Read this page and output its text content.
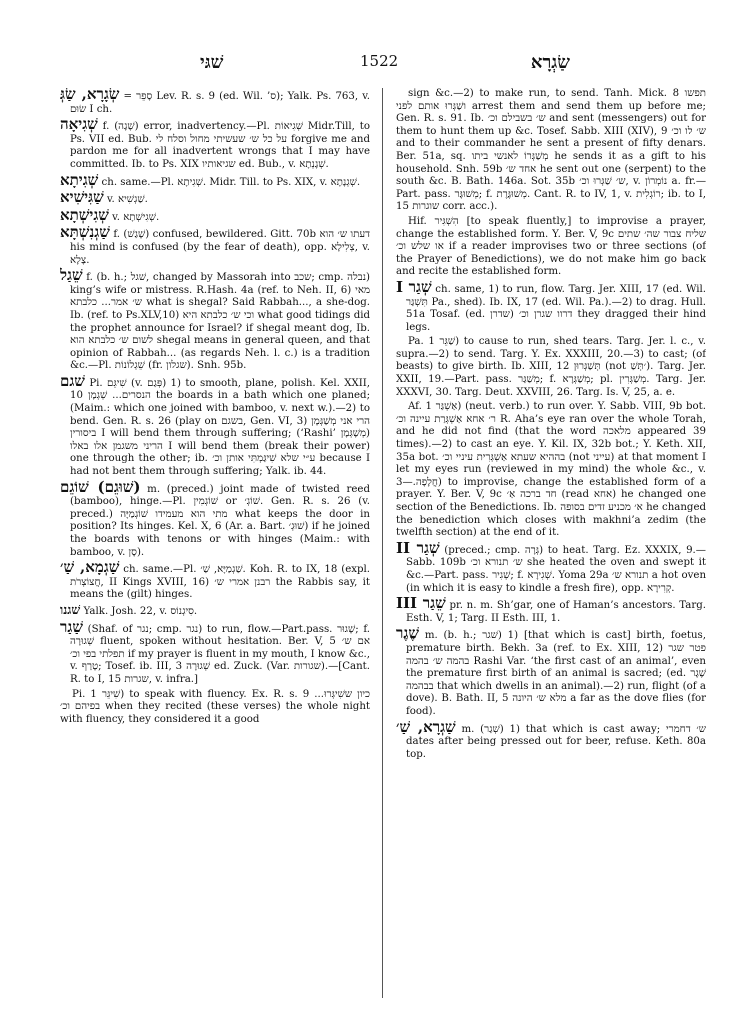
שׁגּי	1522	שַׂגְרָא

שְׂגָרָא, שַׂגְּ = סָפֵר Lev. R. s. 9 (ed. Wil. ’ס); Yalk. Ps. 763, v. שׂוּם I ch.

שְׁגִיאָה f. (שָׁגָה) error, inadvertency.—Pl. שְׁגִיאוֹת Midr.Till, to Ps. VII ed. Bub. על כל ש׳ שעשיתי מחול וסלח לי forgive me and pardon me for all inadvertent wrongs that I may have committed. Ib. to Ps. XIX שגיאותיו ed. Bub., v. שְׁגָנְתָא.

שְׁגִיתָא ch. same.—Pl. שְׁגִיתָא. Midr. Till. to Ps. XIX, v. שְׁגְנָתָא.

שַׁגִּישִׁיא v. שַׁגְשִׁיא.

שְׁגִישְׁתָא v. שְׁגִישְׁתָא.

שַׁגְנִשְׁתָּא f. (שָׁגַשׁ) confused, bewildered. Gitt. 70b דעתו ש׳ הוא his mind is confused (by the fear of death), opp. צְלִילָא, v. צָלָא.

שֵׁגַל f. (b. h.; שׁגל, changed by Massorah into שכב; cmp. נבלה) king’s wife or mistress. R.Hash. 4a (ref. to Neh. II, 6) מאי ש׳ אמר... כלבתא what is shegal? Said Rabbah..., a she-dog. Ib. (ref. to Ps.XLV,10) וכי ש׳ כלבתא היא what good tidings did the prophet announce for Israel? if shegal meant dog, Ib. לשום ש׳ כלבתא הוא shegal means in general queen, and that opinion of Rabbah... (as regards Neh. l. c.) is a tradition &c.—Pl. שֵׁגְלוֹנוֹת (fr. שגלון). Snh. 95b.

שׁגם Pi. שִׁיגֵּם (v. פְּגַם) 1) to smooth, plane, polish. Kel. XXII, 10 הנסרים... שְׁגְמָן the boards in a bath which one planed; (Maim.: which one joined with bamboo, v. next w.).—2) to bend. Gen. R. s. 26 (play on בשגם, Gen. VI, 3) הרי אני מְשַׁגְּמָן ביסורין I will bend them through suffering; (‘Rashi’ מְשָׁגְּמָן) הריני משגמן אלו באלו I will bend them (break their power) one through the other; ib. ע״י שלא שִׁיגַּמְתִּי אותן וכ׳ because I had not bent them through suffering; Yalk. ib. 44.

(שׁוּגֵם) שׁוֹגֵם m. (preced.) joint made of twisted reed (bamboo), hinge.—Pl. שׁוֹגְמִין or שׁוֹגְ׳. Gen. R. s. 26 (v. preced.) מתי הוא מעמידו שׁוֹגְמַיָּה what keeps the door in position? Its hinges. Kel. X, 6 (Ar. a. Bart. שׁוּגְ׳) if he joined the boards with tenons or with hinges (Maim.: with bamboo, v. סָן).

שַׁגְמָא, שַׁ׳ ch. same.—Pl. שַׁגְמַיָּא, שַׁ׳. Koh. R. to IX, 18 (expl. חֲצוֹצְרֹת, II Kings XVIII, 16) רבנן אמרי ש׳ the Rabbis say, it means the (gilt) hinges.

שׁגנו Yalk. Josh. 22, v. סִיגְנוֹס.

שַׁגַר (Shaf. of נגר; cmp. נגר) to run, flow.—Part.pass. שָׁגוּר; f. שְׁגוּרָה fluent, spoken without hesitation. Ber. V, 5 אם ש׳ תפלתי בפי וכ׳ if my prayer is fluent in my mouth, I know &c., v. טָרַף; Tosef. ib. III, 3 שְׁגוּרָה ed. Zuck. (Var. שגורות).—[Cant. R. to I, 15 שגרות, v. infra.]

Pi. שִׁיגֵּר 1) to speak with fluency. Ex. R. s. 9 כיון ששִׁיגְּרוּ... בפיהם וכ׳ when they recited (these verses) the whole night with fluency, they considered it a good

sign &c.—2) to make run, to send. Tanh. Mick. 8 תפשו ושַׁגְּרוּ אותם לפני arrest them and send them up before me; Gen. R. s. 91. Ib. ש׳ בשבילם וכ׳ and sent (messengers) out for them to hunt them up &c. Tosef. Sabb. XIII (XIV), 9 ש׳ לו וכ׳ and to their commander he sent a present of fifty denars. Ber. 51a, sq. מְשַׁגְּרוֹ לאנשי ביתו he sends it as a gift to his household. Snh. 59b אחד ש׳ he sent out one (serpent) to the south &c. B. Bath. 146a. Sot. 35b ש׳ שַׁגְּרוּ וכ׳, v. נוֹמְרוֹן a. fr.—Part. pass. מְשׁוּגָּר; f. מְשׁוּגֶּרֶת. Cant. R. to IV, 1, v. רוֹגְלִית; ib. to I, 15 שוגרות corr. acc.).

Hif. הִשְׁגִּיר [to speak fluently,] to improvise a prayer, change the established form. Y. Ber. V, 9c שליח צבור שה׳ שתים או שלש וכ׳ if a reader improvises two or three sections (of the Prayer of Benedictions), we do not make him go back and recite the established form.

שְׁגַר I ch. same, 1) to run, flow. Targ. Jer. XIII, 17 (ed. Wil. תִּשְׁגַּר Pa., shed). Ib. IX, 17 (ed. Wil. Pa.).—2) to drag. Hull. 51a Tosaf. (ed. שדרן) דרוו שגרן וכ׳ they dragged their hind legs.

Pa. שַׁגֵּר 1) to cause to run, shed tears. Targ. Jer. l. c., v. supra.—2) to send. Targ. Y. Ex. XXXIII, 20.—3) to cast; (of beasts) to give birth. Ib. XIII, 12 תְּשַׁגְּרוּן (not ׳תְּשַׁ). Targ. Jer. XXII, 19.—Part. pass. מְשַׁגַּר; f. מְשַׁגְּרָא; pl. מְשַׁגְּרִין. Targ. Jer. XXXVI, 30. Targ. Deut. XXVIII, 26. Targ. Is. V, 25, a. e.

Af. אַשְׁגַּר 1) (neut. verb.) to run over. Y. Sabb. VIII, 9b bot. ר׳ אחא אַשְׁגְּרַת עיינה וכ׳ R. Aha’s eye ran over the whole Torah, and he did not find (that the word מלאכה appeared 39 times).—2) to cast an eye. Y. Kil. IX, 32b bot.; Y. Keth. XII, 35a bot. בההיא שעתא אַשְׁגְּרִית עיניי וכ׳ (not עייני) at that moment I let my eyes run (reviewed in my mind) the whole &c., v. חֲלָפָה.—3) to improvise, change the established form of a prayer. Y. Ber. V, 9c חד ברכה אַ׳ (read אחא) he changed one section of the Benedictions. Ib. א׳ מכניע זדים בסופה he changed the benediction which closes with makhni’a zedim (the twelfth section) at the end of it.

שְׁגַר II (preced.; cmp. גְּרָה) to heat. Targ. Ez. XXXIX, 9.—Sabb. 109b ש׳ תנורא וכ׳ she heated the oven and swept it &c.—Part. pass. שְׁגִיר; f. שְׁגִירָא. Yoma 29a תנורא ש׳ a hot oven (in which it is easy to kindle a fresh fire), opp. קְרִירָא.

שֵׁגַר III pr. n. m. Sh’gar, one of Haman’s ancestors. Targ. Esth. V, 1; Targ. II Esth. III, 1.

שֶׁגֶר m. (b. h.; שׁגר) 1) [that which is cast] birth, foetus, premature birth. Bekh. 3a (ref. to Ex. XIII, 12) פטר שגר בהמה ש׳ בהמה Rashi Var. ‘the first cast of an animal’, even the premature first birth of an animal is sacred; (ed. שֶׁגֶר בבהמה that which dwells in an animal).—2) run, flight (of a dove). B. Bath. II, 5 מלא ש׳ היונה a far as the dove flies (for food).

שַׁגְרָא, שַׁ׳ m. (שְׁגַר) 1) that which is cast away; ש׳ דחמרי dates after being pressed out for beer, refuse. Keth. 80a top.
